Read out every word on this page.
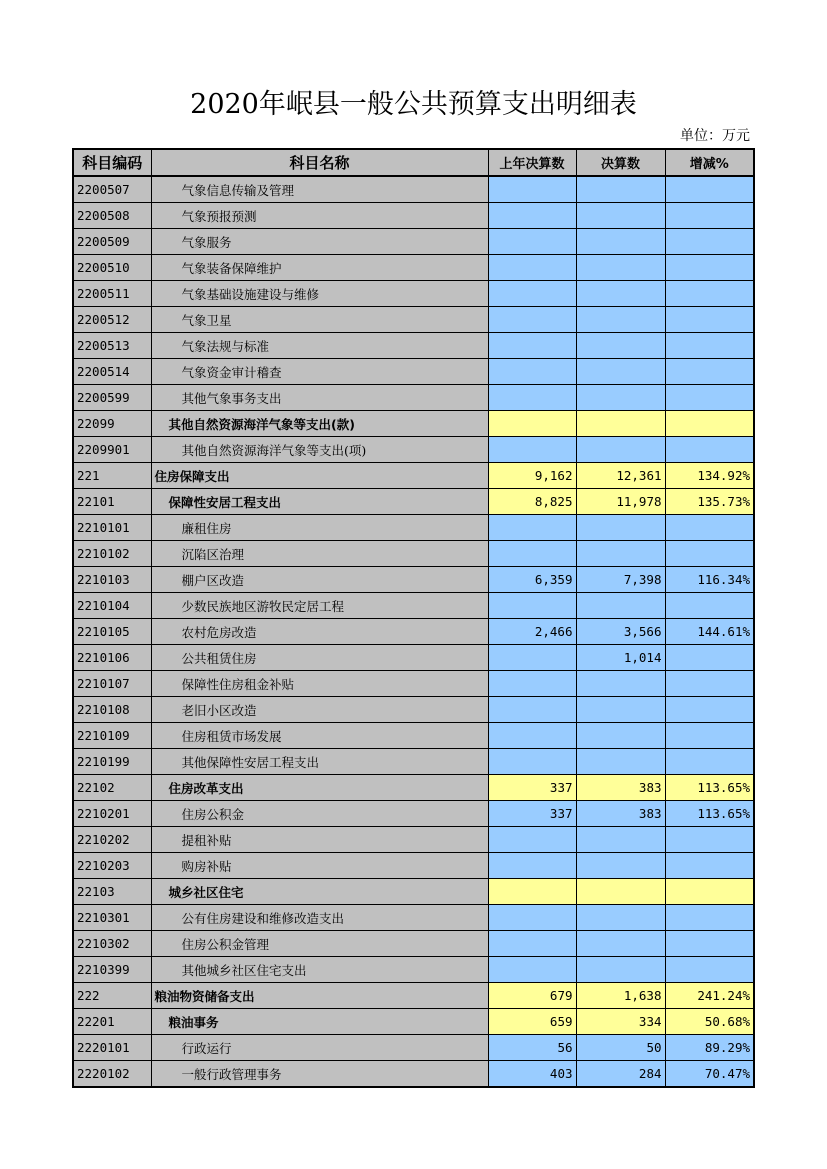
2020年岷县一般公共预算支出明细表
单位：万元
科目编码	科目名称	上年决算数	决算数	增减%
2200507	气象信息传输及管理			
2200508	气象预报预测			
2200509	气象服务			
2200510	气象装备保障维护			
2200511	气象基础设施建设与维修			
2200512	气象卫星			
2200513	气象法规与标准			
2200514	气象资金审计稽查			
2200599	其他气象事务支出			
22099	其他自然资源海洋气象等支出(款)			
2209901	其他自然资源海洋气象等支出(项)			
221	住房保障支出	9,162	12,361	134.92%
22101	保障性安居工程支出	8,825	11,978	135.73%
2210101	廉租住房			
2210102	沉陷区治理			
2210103	棚户区改造	6,359	7,398	116.34%
2210104	少数民族地区游牧民定居工程			
2210105	农村危房改造	2,466	3,566	144.61%
2210106	公共租赁住房		1,014	
2210107	保障性住房租金补贴			
2210108	老旧小区改造			
2210109	住房租赁市场发展			
2210199	其他保障性安居工程支出			
22102	住房改革支出	337	383	113.65%
2210201	住房公积金	337	383	113.65%
2210202	提租补贴			
2210203	购房补贴			
22103	城乡社区住宅			
2210301	公有住房建设和维修改造支出			
2210302	住房公积金管理			
2210399	其他城乡社区住宅支出			
222	粮油物资储备支出	679	1,638	241.24%
22201	粮油事务	659	334	50.68%
2220101	行政运行	56	50	89.29%
2220102	一般行政管理事务	403	284	70.47%
